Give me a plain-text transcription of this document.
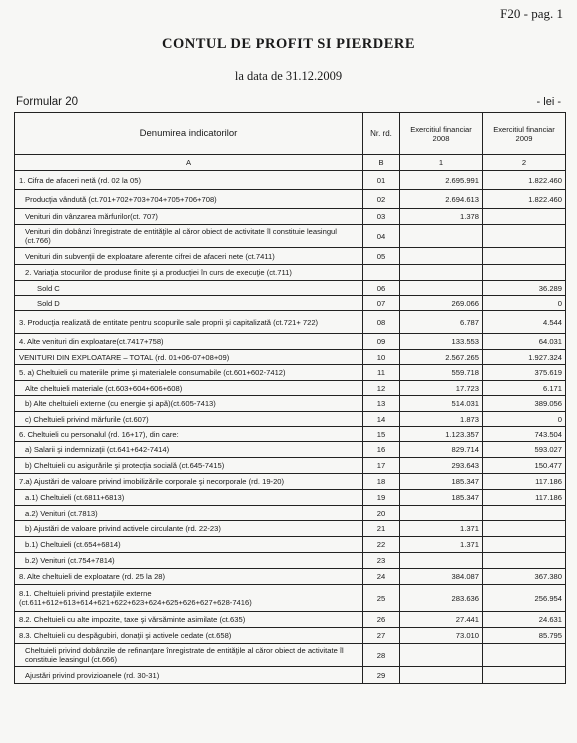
F20 - pag. 1
CONTUL DE PROFIT SI PIERDERE
la data de 31.12.2009
Formular 20	- lei -
Denumirea indicatorilor	Nr. rd.	Exercitiul financiar 2008	Exercitiul financiar 2009
A	B	1	2
1. Cifra de afaceri netă (rd. 02 la 05)	01	2.695.991	1.822.460
Producţia vândută (ct.701+702+703+704+705+706+708)	02	2.694.613	1.822.460
Venituri din vânzarea mărfurilor(ct. 707)	03	1.378	
Venituri din dobânzi înregistrate de entităţile al căror obiect de activitate îl constituie leasingul (ct.766)	04		
Venituri din subvenţii de exploatare aferente cifrei de afaceri nete (ct.7411)	05		
2. Variaţia stocurilor de produse finite şi a producţiei în curs de execuţie (ct.711)			
Sold C	06		36.289
Sold D	07	269.066	0
3. Producţia realizată de entitate pentru scopurile sale proprii şi capitalizată (ct.721+ 722)	08	6.787	4.544
4. Alte venituri din exploatare(ct.7417+758)	09	133.553	64.031
VENITURI DIN EXPLOATARE – TOTAL (rd. 01+06-07+08+09)	10	2.567.265	1.927.324
5. a) Cheltuieli cu materiile prime şi materialele consumabile (ct.601+602-7412)	11	559.718	375.619
Alte cheltuieli materiale (ct.603+604+606+608)	12	17.723	6.171
b) Alte cheltuieli externe (cu energie şi apă)(ct.605-7413)	13	514.031	389.056
c) Cheltuieli privind mărfurile (ct.607)	14	1.873	0
6. Cheltuieli cu personalul (rd. 16+17), din care:	15	1.123.357	743.504
a) Salarii şi indemnizaţii (ct.641+642-7414)	16	829.714	593.027
b) Cheltuieli cu asigurările şi protecţia socială (ct.645-7415)	17	293.643	150.477
7.a) Ajustări de valoare privind imobilizările corporale şi necorporale (rd. 19-20)	18	185.347	117.186
a.1) Cheltuieli (ct.6811+6813)	19	185.347	117.186
a.2) Venituri (ct.7813)	20		
b) Ajustări de valoare privind activele circulante (rd. 22-23)	21	1.371	
b.1) Cheltuieli (ct.654+6814)	22	1.371	
b.2) Venituri (ct.754+7814)	23		
8. Alte cheltuieli de exploatare (rd. 25 la 28)	24	384.087	367.380
8.1. Cheltuieli privind prestaţiile externe (ct.611+612+613+614+621+622+623+624+625+626+627+628-7416)	25	283.636	256.954
8.2. Cheltuieli cu alte impozite, taxe şi vărsăminte asimilate (ct.635)	26	27.441	24.631
8.3. Cheltuieli cu despăgubiri, donaţii şi activele cedate (ct.658)	27	73.010	85.795
Cheltuieli privind dobânzile de refinanţare înregistrate de entităţile al căror obiect de activitate îl constituie leasingul (ct.666)	28		
Ajustări privind provizioanele (rd. 30-31)	29		
